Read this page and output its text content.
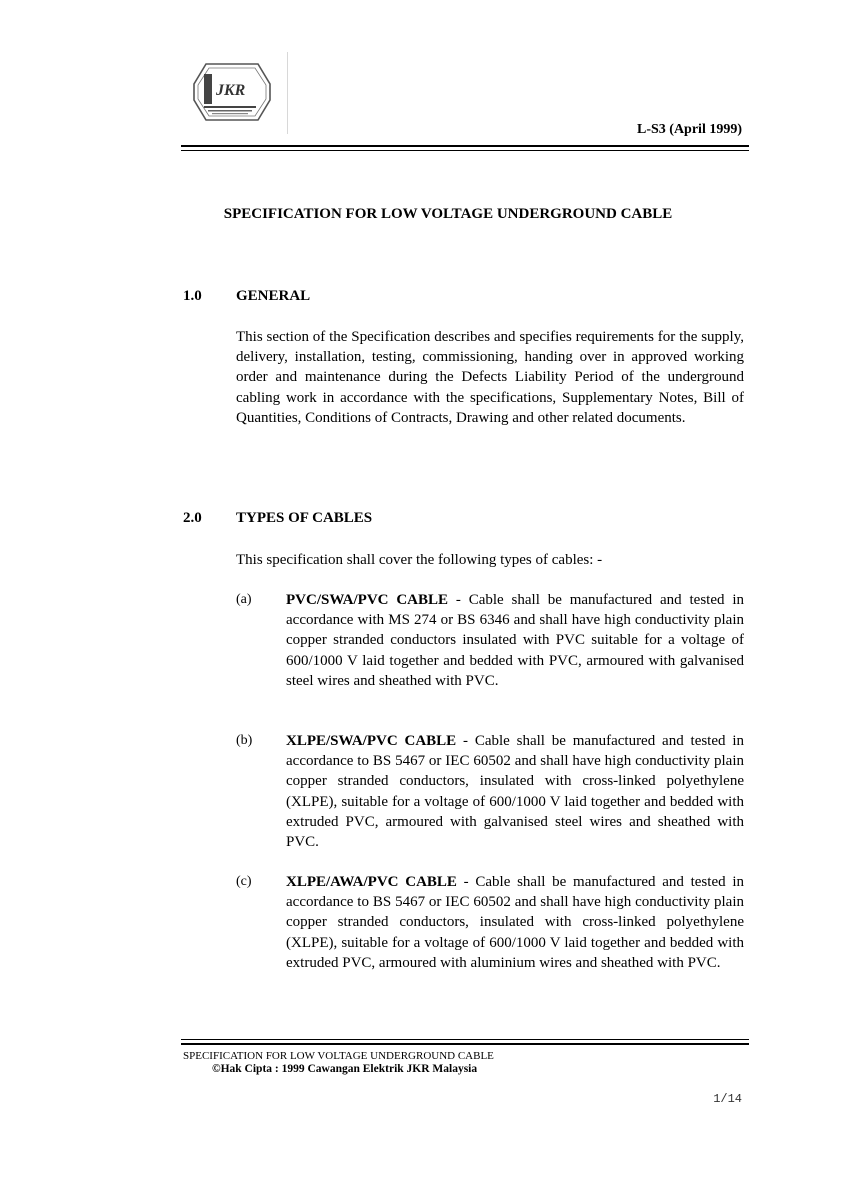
JKR
L-S3 (April 1999)
SPECIFICATION FOR LOW VOLTAGE UNDERGROUND CABLE
1.0 GENERAL

This section of the Specification describes and specifies requirements for the supply, delivery, installation, testing, commissioning, handing over in approved working order and maintenance during the Defects Liability Period of the underground cabling work in accordance with the specifications, Supplementary Notes, Bill of Quantities, Conditions of Contracts, Drawing and other related documents.

2.0 TYPES OF CABLES

This specification shall cover the following types of cables: -

(a) PVC/SWA/PVC CABLE - Cable shall be manufactured and tested in accordance with MS 274 or BS 6346 and shall have high conductivity plain copper stranded conductors insulated with PVC suitable for a voltage of 600/1000 V laid together and bedded with PVC, armoured with galvanised steel wires and sheathed with PVC.

(b) XLPE/SWA/PVC CABLE - Cable shall be manufactured and tested in accordance to BS 5467 or IEC 60502 and shall have high conductivity plain copper stranded conductors, insulated with cross-linked polyethylene (XLPE), suitable for a voltage of 600/1000 V laid together and bedded with extruded PVC, armoured with galvanised steel wires and sheathed with PVC.

(c) XLPE/AWA/PVC CABLE - Cable shall be manufactured and tested in accordance to BS 5467 or IEC 60502 and shall have high conductivity plain copper stranded conductors, insulated with cross-linked polyethylene (XLPE), suitable for a voltage of 600/1000 V laid together and bedded with extruded PVC, armoured with aluminium wires and sheathed with PVC.

SPECIFICATION FOR LOW VOLTAGE UNDERGROUND CABLE
©Hak Cipta : 1999 Cawangan Elektrik JKR Malaysia
1/14
